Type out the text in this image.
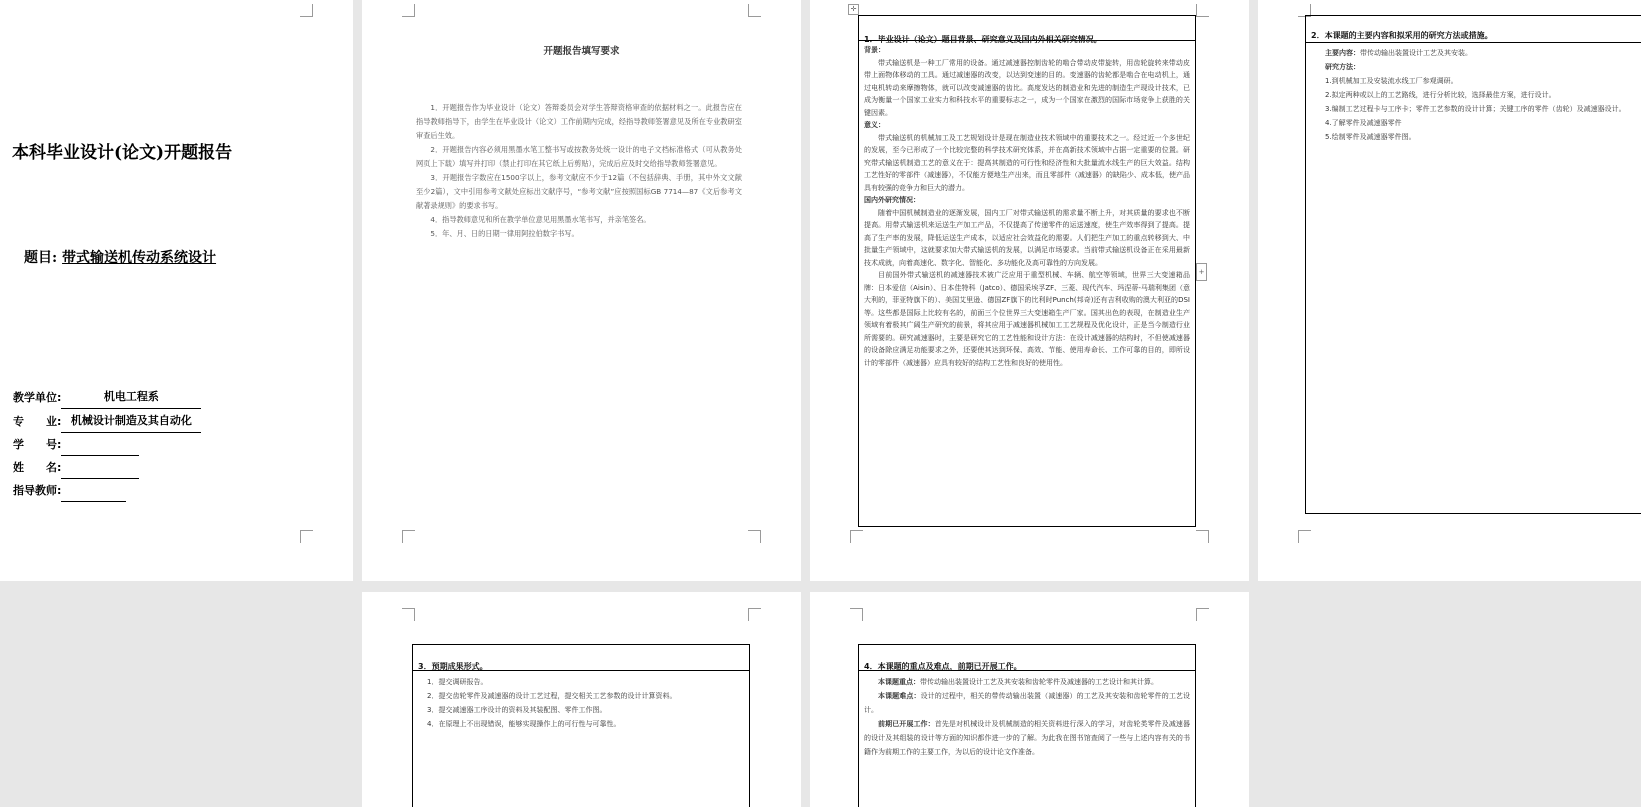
本科毕业设计(论文)开题报告
题目: 带式输送机传动系统设计
教学单位:	机电工程系
专　　业: 机械设计制造及其自动化
学　　号:
姓　　名:
指导教师:
开题报告填写要求

1．开题报告作为毕业设计（论文）答辩委员会对学生答辩资格审查的依据材料之一。此报告应在指导教师指导下，由学生在毕业设计（论文）工作前期内完成，经指导教师签署意见及所在专业教研室审查后生效。

2．开题报告内容必须用黑墨水笔工整书写或按教务处统一设计的电子文档标准格式（可从教务处网页上下载）填写并打印（禁止打印在其它纸上后剪贴），完成后应及时交给指导教师签署意见。

3．开题报告字数应在1500字以上，参考文献应不少于12篇（不包括辞典、手册，其中外文文献至少2篇），文中引用参考文献处应标出文献序号，“参考文献”应按照国标GB 7714—87《文后参考文献著录规则》的要求书写。

4．指导教师意见和所在教学单位意见用黑墨水笔书写，并亲笔签名。

5．年、月、日的日期一律用阿拉伯数字书写。

✛
1．毕业设计（论文）题目背景、研究意义及国内外相关研究情况。
背景：

带式输送机是一种工厂常用的设备。通过减速器控制齿轮的啮合带动皮带旋转，用齿轮旋转来带动皮带上面物体移动的工具。通过减速器的改变，以达到变速的目的。变速器的齿轮都是啮合在电动机上，通过电机转动来摩擦物体，就可以改变减速器的齿比。高度发达的制造业和先进的制造生产现设计技术，已成为衡量一个国家工业实力和科技水平的重要标志之一，成为一个国家在激烈的国际市场竞争上获胜的关键因素。

意义：

带式输送机的机械加工及工艺规划设计是现在制造业技术领域中的重要技术之一。经过近一个多世纪的发展，至今已形成了一个比较完整的科学技术研究体系，并在高新技术领域中占据一定重要的位置。研究带式输送机制造工艺的意义在于：提高其制造的可行性和经济性和大批量流水线生产的巨大效益。结构工艺性好的零部件（减速器），不仅能方便地生产出来，而且零部件（减速器）的缺陷少、成本低，使产品具有较强的竞争力和巨大的潜力。

国内外研究情况：

随着中国机械制造业的逐渐发展，国内工厂对带式输送机的需求量不断上升，对其质量的要求也不断提高。用带式输送机来运送生产加工产品，不仅提高了传递零件的运送速度，使生产效率得到了提高。提高了生产率的发展，降低运送生产成本，以适应社会效益化的需要。人们把生产加工的重点转移到大、中批量生产领域中，这就要求加大带式输送机的发展，以满足市场要求。当前带式输送机设备正在采用最新技术成就，向着高速化、数字化、智能化、多功能化及高可靠性的方向发展。

目前国外带式输送机的减速器技术被广泛应用于重型机械、车辆、航空等领域，世界三大变速箱品牌：日本爱信（Aisin）、日本佳特科（Jatco）、德国采埃孚ZF、三菱、现代汽车、玛涅蒂-马瑞利集团（意大利的，菲亚特旗下的）、美国艾里逊、德国ZF旗下的比利时Punch(邦奇)还有吉利收购的澳大利亚的DSI等。这些都是国际上比较有名的，前面三个位世界三大变速箱生产厂家。国其出色的表现，在制造业生产领域有着极其广阔生产研究的前景，将其应用于减速器机械加工工艺规程及优化设计，正是当今制造行业所需要的。研究减速器时，主要是研究它的工艺性能和设计方法：在设计减速器的结构时，不但使减速器的设备除应满足功能要求之外，还要使其达到环保、高效、节能、使用寿命长、工作可靠的目的，即所设计的零部件（减速器）应具有较好的结构工艺性和良好的使用性。

+
2．本课题的主要内容和拟采用的研究方法或措施。

主要内容：带传动输出装置设计工艺及其安装。

研究方法：

1.到机械加工及安装流水线工厂参观调研。

2.拟定两种或以上的工艺路线，进行分析比较，选择最佳方案，进行设计。

3.编制工艺过程卡与工序卡；零件工艺参数的设计计算；关键工序的零件（齿轮）及减速器设计。

4.了解零件及减速器零件

5.绘制零件及减速器零件图。

3．预期成果形式。

1．提交调研报告。

2．提交齿轮零件及减速器的设计工艺过程，提交相关工艺参数的设计计算资料。

3．提交减速器工序设计的资料及其装配图、零件工作图。

4．在原理上不出现错误，能够实现操作上的可行性与可靠性。

4．本课题的重点及难点，前期已开展工作。

本课题重点：带传动输出装置设计工艺及其安装和齿轮零件及减速器的工艺设计和其计算。

本课题难点：设计的过程中，相关的带传动输出装置（减速器）的工艺及其安装和齿轮零件的工艺设计。

前期已开展工作：首先是对机械设计及机械制造的相关资料进行深入的学习，对齿轮类零件及减速器的设计及其组装的设计等方面的知识都作进一步的了解。为此我在图书馆查阅了一些与上述内容有关的书籍作为前期工作的主要工作，为以后的设计论文作准备。
